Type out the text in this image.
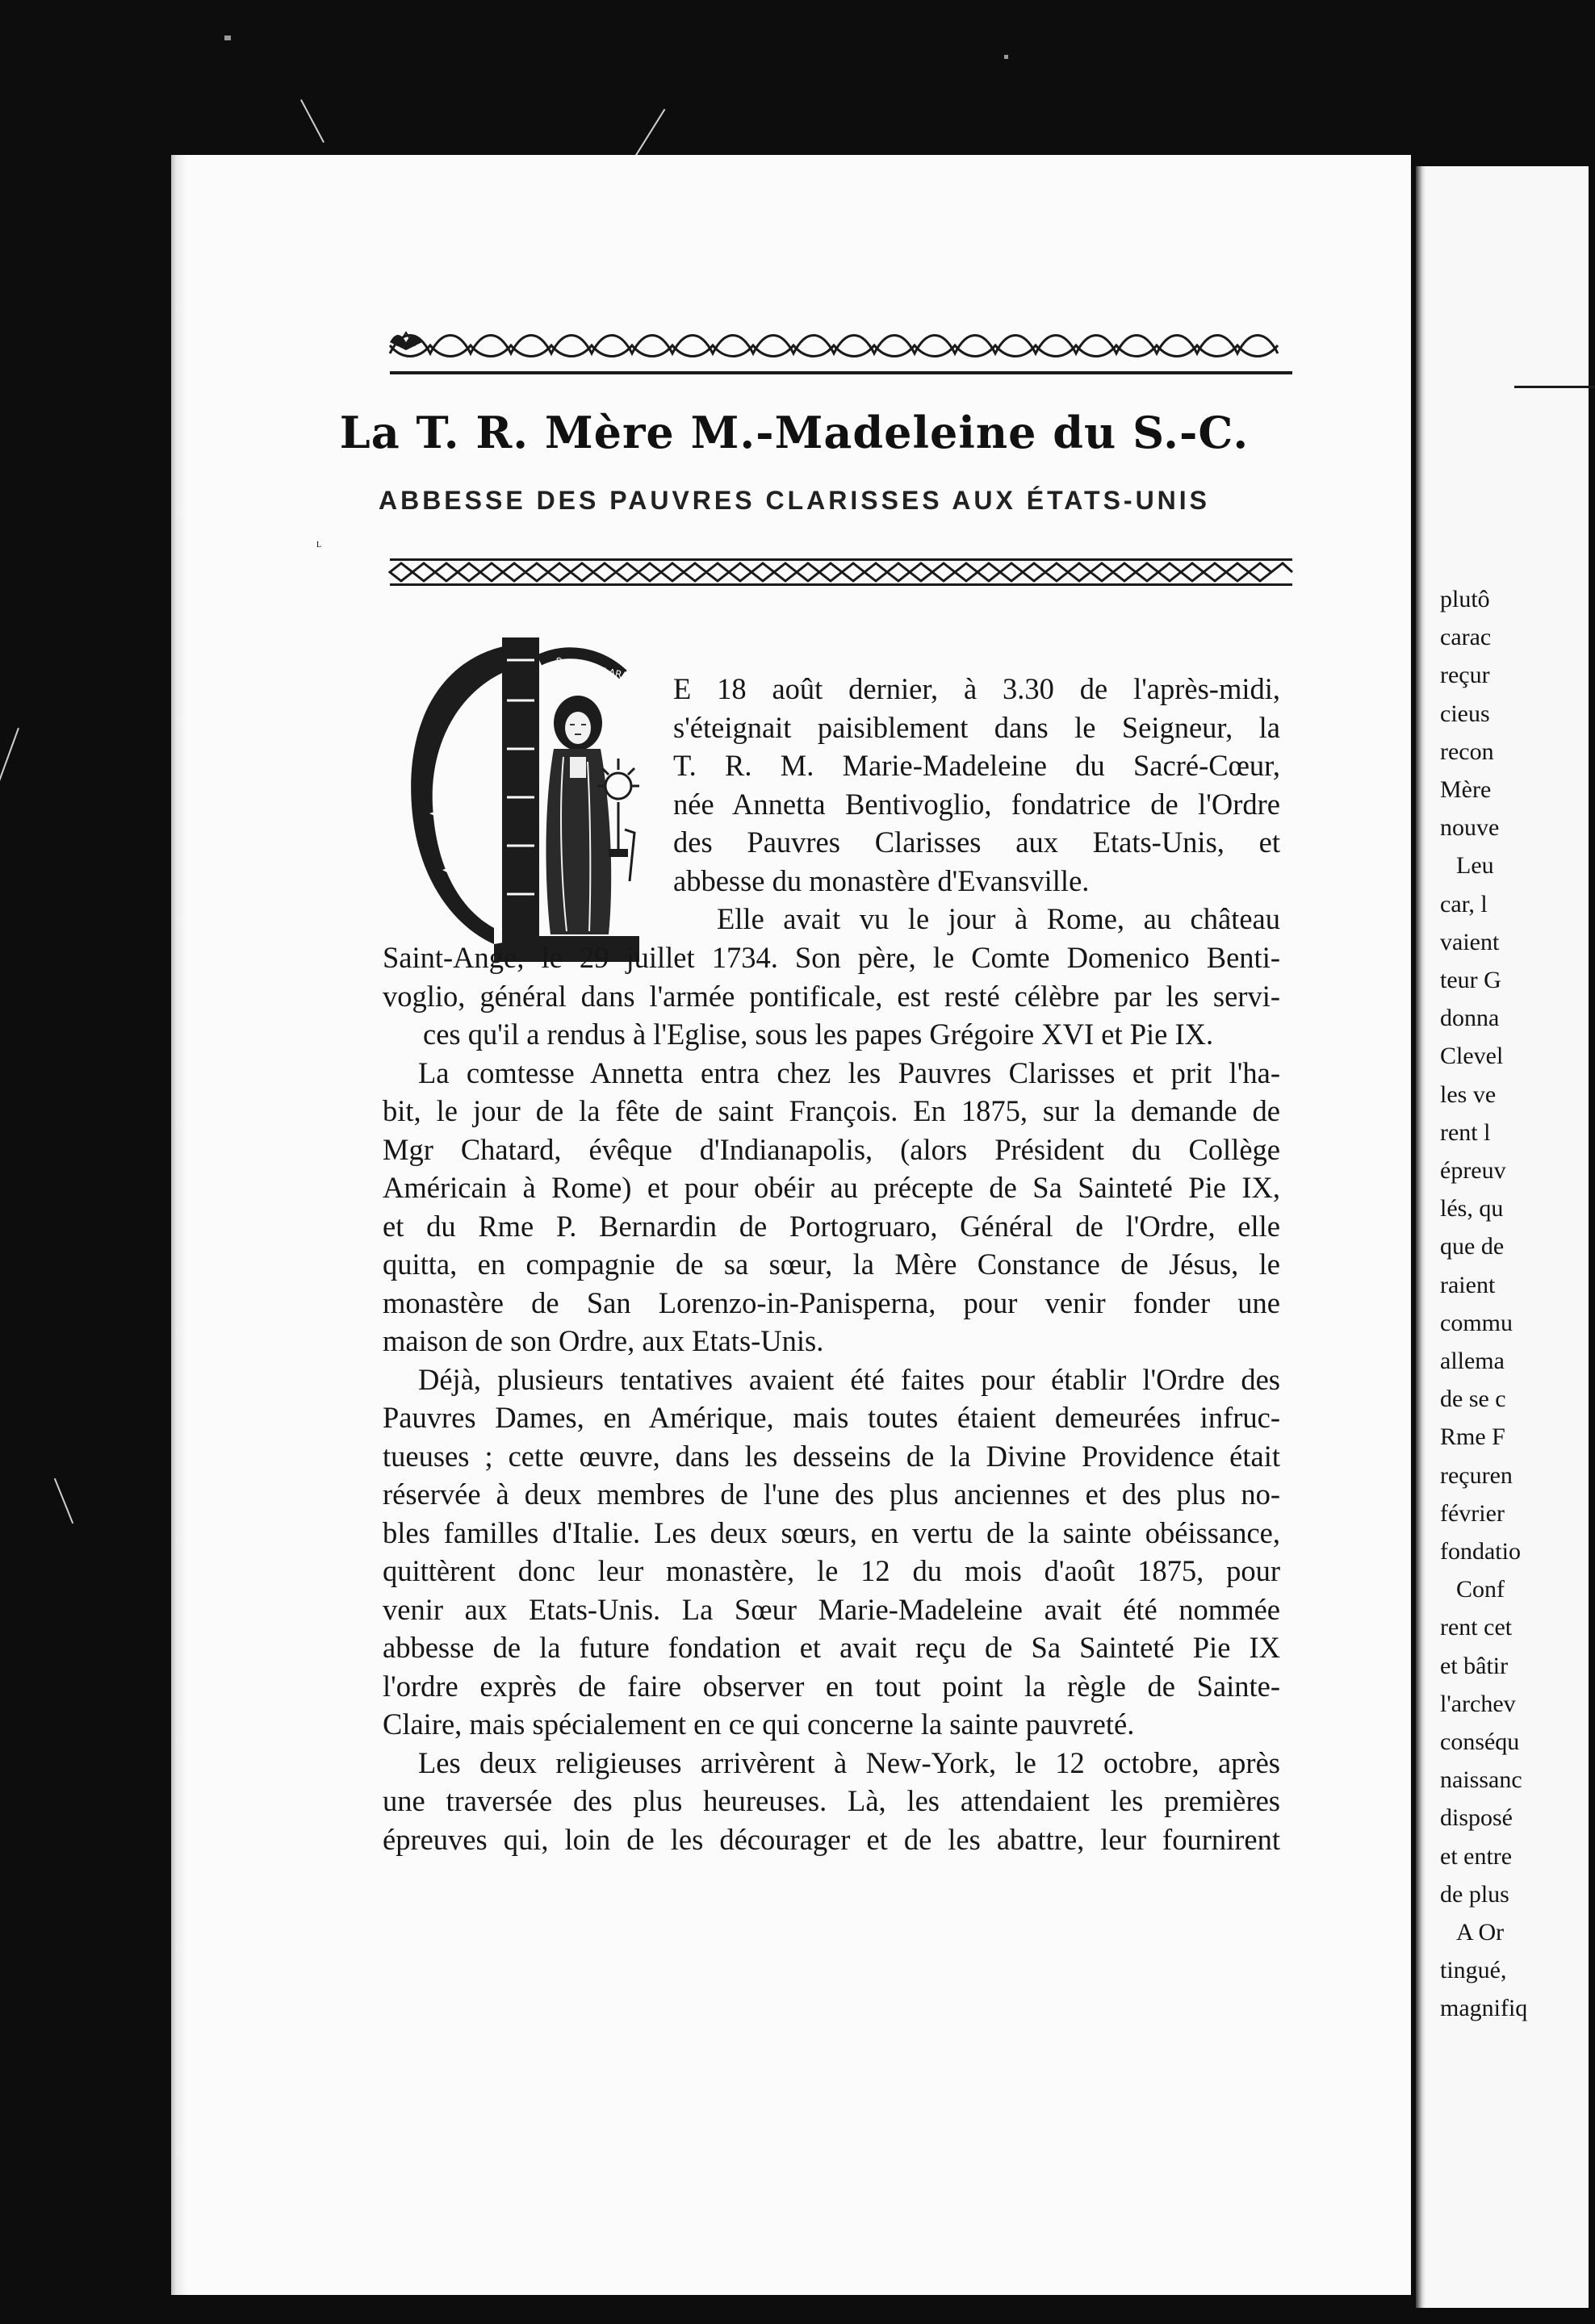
La T. R. Mère M.-Madeleine du S.-C.
ABBESSE DES PAUVRES CLARISSES AUX ÉTATS-UNIS
SANCTA CLARA
L
E 18 août dernier, à 3.30 de l'après-midi,
s'éteignait paisiblement dans le Seigneur, la
T. R. M. Marie-Madeleine du Sacré-Cœur,
née Annetta Bentivoglio, fondatrice de l'Ordre
des Pauvres Clarisses aux Etats-Unis, et
abbesse du monastère d'Evansville.
Elle avait vu le jour à Rome, au château
Saint-Ange, le 29 juillet 1734. Son père, le Comte Domenico Benti-
voglio, général dans l'armée pontificale, est resté célèbre par les servi-
ces qu'il a rendus à l'Eglise, sous les papes Grégoire XVI et Pie IX.
La comtesse Annetta entra chez les Pauvres Clarisses et prit l'ha-
bit, le jour de la fête de saint François. En 1875, sur la demande de
Mgr Chatard, évêque d'Indianapolis, (alors Président du Collège
Américain à Rome) et pour obéir au précepte de Sa Sainteté Pie IX,
et du Rme P. Bernardin de Portogruaro, Général de l'Ordre, elle
quitta, en compagnie de sa sœur, la Mère Constance de Jésus, le
monastère de San Lorenzo-in-Panisperna, pour venir fonder une
maison de son Ordre, aux Etats-Unis.
Déjà, plusieurs tentatives avaient été faites pour établir l'Ordre des
Pauvres Dames, en Amérique, mais toutes étaient demeurées infruc-
tueuses ; cette œuvre, dans les desseins de la Divine Providence était
réservée à deux membres de l'une des plus anciennes et des plus no-
bles familles d'Italie. Les deux sœurs, en vertu de la sainte obéissance,
quittèrent donc leur monastère, le 12 du mois d'août 1875, pour
venir aux Etats-Unis. La Sœur Marie-Madeleine avait été nommée
abbesse de la future fondation et avait reçu de Sa Sainteté Pie IX
l'ordre exprès de faire observer en tout point la règle de Sainte-
Claire, mais spécialement en ce qui concerne la sainte pauvreté.
Les deux religieuses arrivèrent à New-York, le 12 octobre, après
une traversée des plus heureuses. Là, les attendaient les premières
épreuves qui, loin de les décourager et de les abattre, leur fournirent
plutô
carac
reçur
cieus
recon
Mère
nouve
Leu
car, l
vaient
teur G
donna
Clevel
les ve
rent l
épreuv
lés, qu
que de
raient
commu
allema
de se c
Rme F
reçuren
février
fondatio
Conf
rent cet
et bâtir
l'archev
conséqu
naissanc
disposé
et entre
de plus
A Or
tingué,
magnifiq
